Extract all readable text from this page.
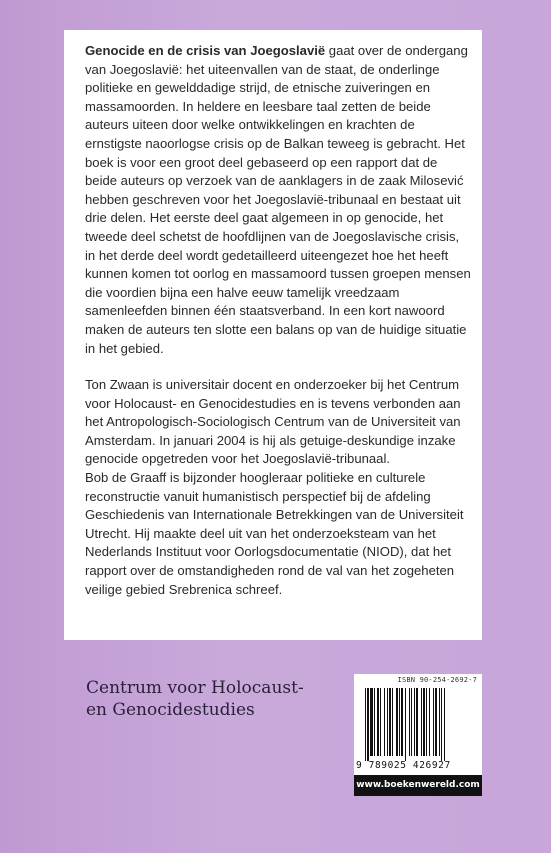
Genocide en de crisis van Joegoslavië gaat over de ondergang van Joegoslavië: het uiteenvallen van de staat, de onderlinge politieke en gewelddadige strijd, de etnische zuiveringen en massamoorden. In heldere en leesbare taal zetten de beide auteurs uiteen door welke ontwikkelingen en krachten de ernstigste naoorlogse crisis op de Balkan teweeg is gebracht. Het boek is voor een groot deel gebaseerd op een rapport dat de beide auteurs op verzoek van de aanklagers in de zaak Milosević hebben geschreven voor het Joegoslavië-tribunaal en bestaat uit drie delen. Het eerste deel gaat algemeen in op genocide, het tweede deel schetst de hoofdlijnen van de Joegoslavische crisis, in het derde deel wordt gedetailleerd uiteengezet hoe het heeft kunnen komen tot oorlog en massamoord tussen groepen mensen die voordien bijna een halve eeuw tamelijk vreedzaam samenleefden binnen één staatsverband. In een kort nawoord maken de auteurs ten slotte een balans op van de huidige situatie in het gebied.

Ton Zwaan is universitair docent en onderzoeker bij het Centrum voor Holocaust- en Genocidestudies en is tevens verbonden aan het Antropologisch-Sociologisch Centrum van de Universiteit van Amsterdam. In januari 2004 is hij als getuige-deskundige inzake genocide opgetreden voor het Joegoslavië-tribunaal.

Bob de Graaff is bijzonder hoogleraar politieke en culturele reconstructie vanuit humanistisch perspectief bij de afdeling Geschiedenis van Internationale Betrekkingen van de Universiteit Utrecht. Hij maakte deel uit van het onderzoeksteam van het Nederlands Instituut voor Oorlogsdocumentatie (NIOD), dat het rapport over de omstandigheden rond de val van het zogeheten veilige gebied Srebrenica schreef.

Centrum voor Holocaust-
en Genocidestudies
ISBN 90-254-2692-7
9 789025 426927
www.boekenwereld.com
